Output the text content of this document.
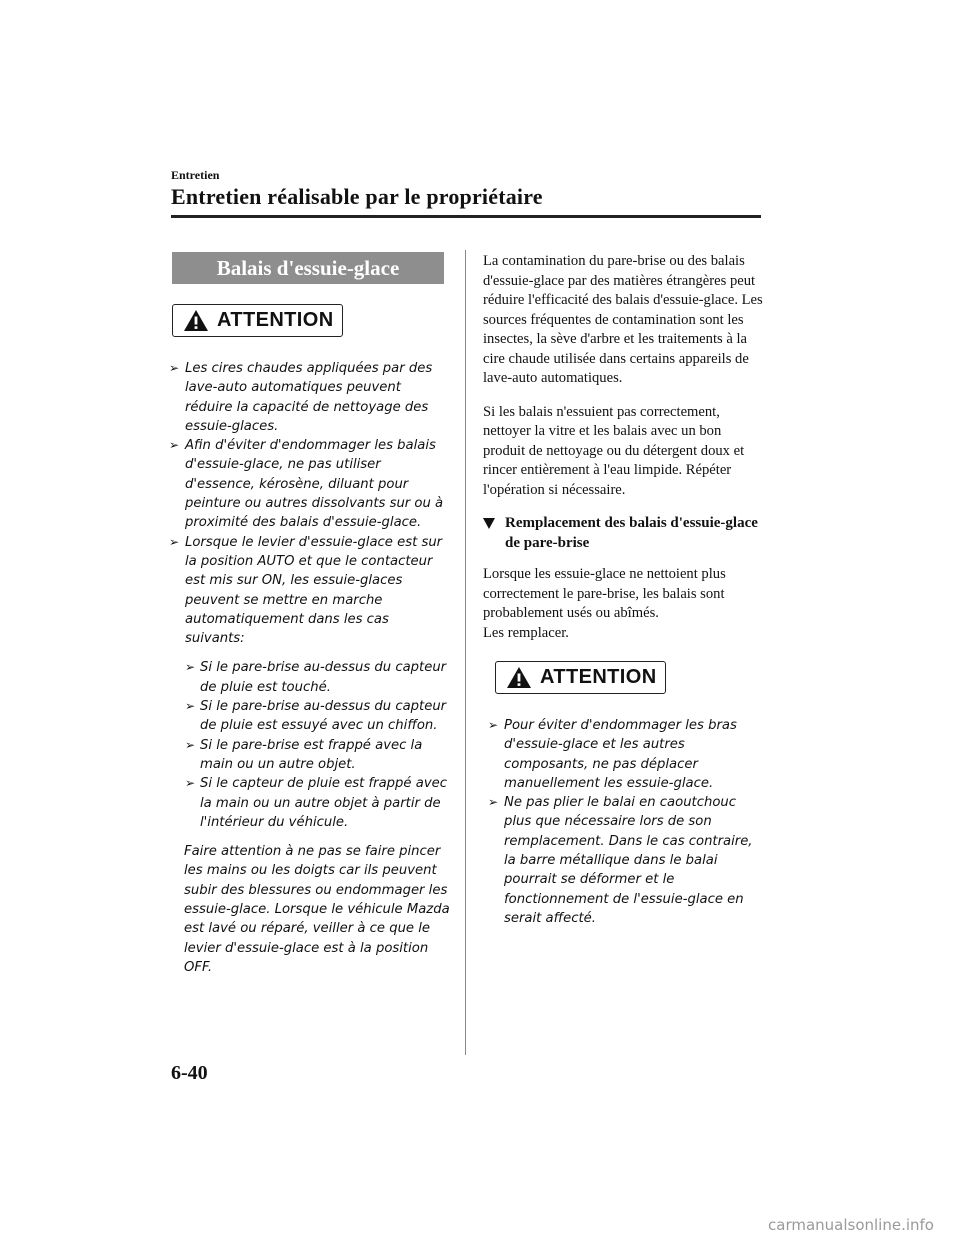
Entretien
Entretien réalisable par le propriétaire
Balais d'essuie-glace
ATTENTION
➢ Les cires chaudes appliquées par des lave-auto automatiques peuvent réduire la capacité de nettoyage des essuie-glaces.
➢ Afin d'éviter d'endommager les balais d'essuie-glace, ne pas utiliser d'essence, kérosène, diluant pour peinture ou autres dissolvants sur ou à proximité des balais d'essuie-glace.
➢ Lorsque le levier d'essuie-glace est sur la position AUTO et que le contacteur est mis sur ON, les essuie-glaces peuvent se mettre en marche automatiquement dans les cas suivants:
➢ Si le pare-brise au-dessus du capteur de pluie est touché.
➢ Si le pare-brise au-dessus du capteur de pluie est essuyé avec un chiffon.
➢ Si le pare-brise est frappé avec la main ou un autre objet.
➢ Si le capteur de pluie est frappé avec la main ou un autre objet à partir de l'intérieur du véhicule.

Faire attention à ne pas se faire pincer les mains ou les doigts car ils peuvent subir des blessures ou endommager les essuie-glace. Lorsque le véhicule Mazda est lavé ou réparé, veiller à ce que le levier d'essuie-glace est à la position OFF.

La contamination du pare-brise ou des balais d'essuie-glace par des matières étrangères peut réduire l'efficacité des balais d'essuie-glace. Les sources fréquentes de contamination sont les insectes, la sève d'arbre et les traitements à la cire chaude utilisée dans certains appareils de lave-auto automatiques.

Si les balais n'essuient pas correctement, nettoyer la vitre et les balais avec un bon produit de nettoyage ou du détergent doux et rincer entièrement à l'eau limpide. Répéter l'opération si nécessaire.

Remplacement des balais d'essuie-glace de pare-brise

Lorsque les essuie-glace ne nettoient plus correctement le pare-brise, les balais sont probablement usés ou abîmés.

Les remplacer.

ATTENTION
➢ Pour éviter d'endommager les bras d'essuie-glace et les autres composants, ne pas déplacer manuellement les essuie-glace.
➢ Ne pas plier le balai en caoutchouc plus que nécessaire lors de son remplacement. Dans le cas contraire, la barre métallique dans le balai pourrait se déformer et le fonctionnement de l'essuie-glace en serait affecté.
6-40
carmanualsonline.info
